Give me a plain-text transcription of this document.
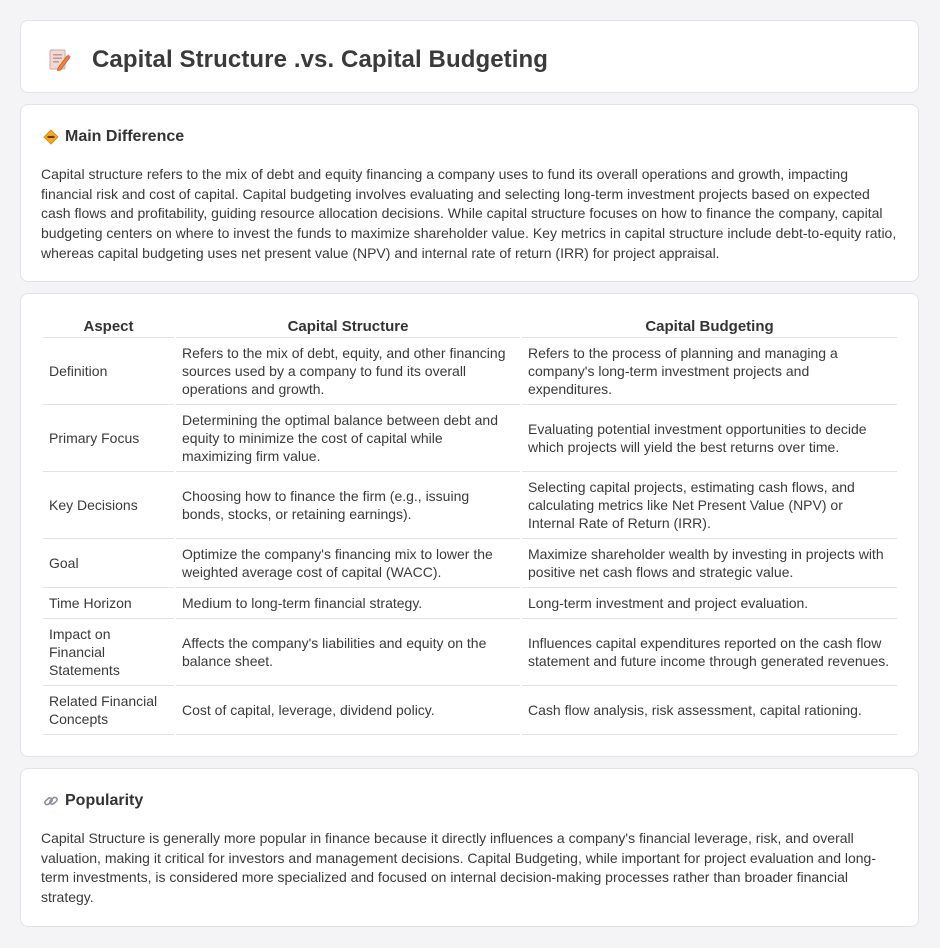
Capital Structure .vs. Capital Budgeting
Main Difference

Capital structure refers to the mix of debt and equity financing a company uses to fund its overall operations and growth, impacting financial risk and cost of capital. Capital budgeting involves evaluating and selecting long-term investment projects based on expected cash flows and profitability, guiding resource allocation decisions. While capital structure focuses on how to finance the company, capital budgeting centers on where to invest the funds to maximize shareholder value. Key metrics in capital structure include debt-to-equity ratio, whereas capital budgeting uses net present value (NPV) and internal rate of return (IRR) for project appraisal.

Aspect	Capital Structure	Capital Budgeting
Definition	Refers to the mix of debt, equity, and other financing sources used by a company to fund its overall operations and growth.	Refers to the process of planning and managing a company's long-term investment projects and expenditures.
Primary Focus	Determining the optimal balance between debt and equity to minimize the cost of capital while maximizing firm value.	Evaluating potential investment opportunities to decide which projects will yield the best returns over time.
Key Decisions	Choosing how to finance the firm (e.g., issuing bonds, stocks, or retaining earnings).	Selecting capital projects, estimating cash flows, and calculating metrics like Net Present Value (NPV) or Internal Rate of Return (IRR).
Goal	Optimize the company's financing mix to lower the weighted average cost of capital (WACC).	Maximize shareholder wealth by investing in projects with positive net cash flows and strategic value.
Time Horizon	Medium to long-term financial strategy.	Long-term investment and project evaluation.
Impact on Financial Statements	Affects the company's liabilities and equity on the balance sheet.	Influences capital expenditures reported on the cash flow statement and future income through generated revenues.
Related Financial Concepts	Cost of capital, leverage, dividend policy.	Cash flow analysis, risk assessment, capital rationing.
Popularity

Capital Structure is generally more popular in finance because it directly influences a company's financial leverage, risk, and overall valuation, making it critical for investors and management decisions. Capital Budgeting, while important for project evaluation and long-term investments, is considered more specialized and focused on internal decision-making processes rather than broader financial strategy.
